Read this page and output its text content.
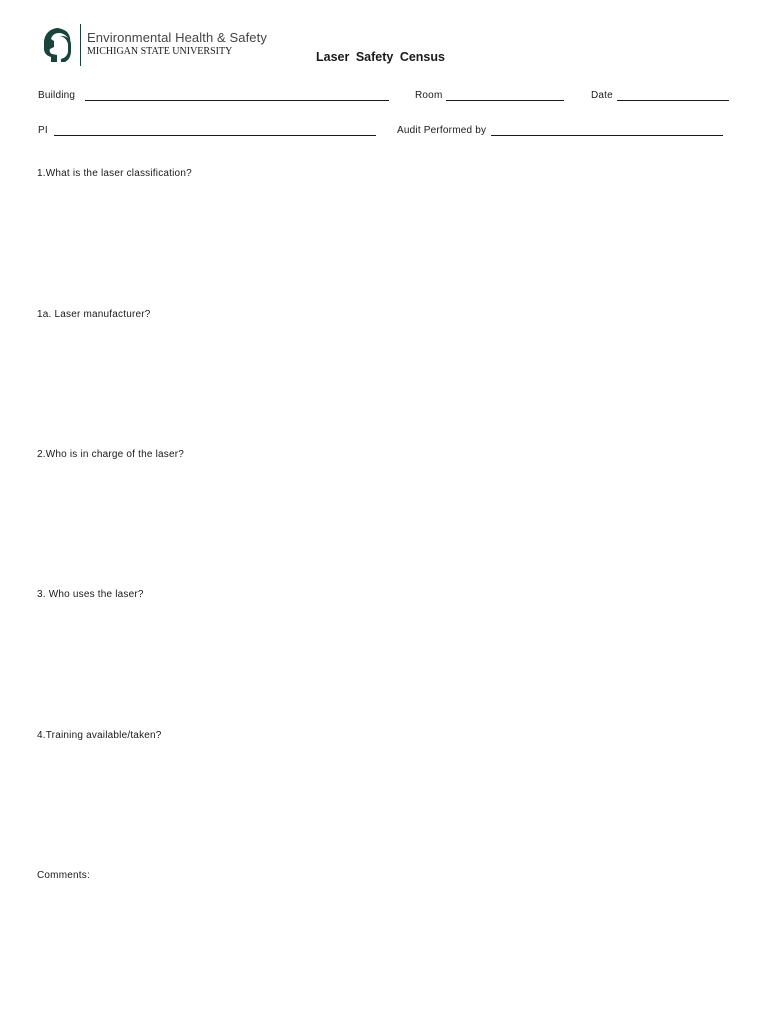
Environmental Health & Safety
MICHIGAN STATE UNIVERSITY	Laser Safety Census
Building	Room	Date
PI	Audit Performed by
1.What is the laser classification?
1a. Laser manufacturer?
2.Who is in charge of the laser?
3. Who uses the laser?
4.Training available/taken?
Comments:
